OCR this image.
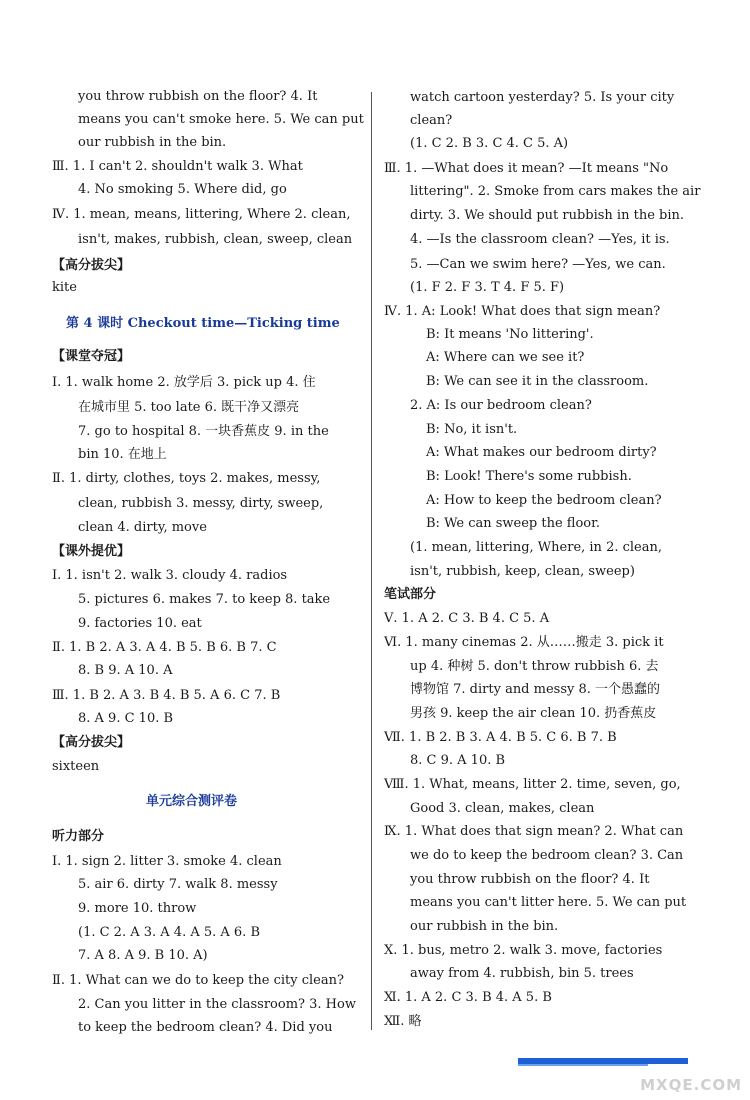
you throw rubbish on the floor? 4. It
means you can't smoke here. 5. We can put
our rubbish in the bin.
Ⅲ. 1. I can't 2. shouldn't walk 3. What
4. No smoking 5. Where did, go
Ⅳ. 1. mean, means, littering, Where 2. clean,
isn't, makes, rubbish, clean, sweep, clean
【高分拔尖】
kite
第 4 课时 Checkout time—Ticking time
【课堂夺冠】
Ⅰ. 1. walk home 2. 放学后 3. pick up 4. 住
在城市里 5. too late 6. 既干净又漂亮
7. go to hospital 8. 一块香蕉皮 9. in the
bin 10. 在地上
Ⅱ. 1. dirty, clothes, toys 2. makes, messy,
clean, rubbish 3. messy, dirty, sweep,
clean 4. dirty, move
【课外提优】
Ⅰ. 1. isn't 2. walk 3. cloudy 4. radios
5. pictures 6. makes 7. to keep 8. take
9. factories 10. eat
Ⅱ. 1. B 2. A 3. A 4. B 5. B 6. B 7. C
8. B 9. A 10. A
Ⅲ. 1. B 2. A 3. B 4. B 5. A 6. C 7. B
8. A 9. C 10. B
【高分拔尖】
sixteen
单元综合测评卷
听力部分
Ⅰ. 1. sign 2. litter 3. smoke 4. clean
5. air 6. dirty 7. walk 8. messy
9. more 10. throw
(1. C 2. A 3. A 4. A 5. A 6. B
7. A 8. A 9. B 10. A)
Ⅱ. 1. What can we do to keep the city clean?
2. Can you litter in the classroom? 3. How
to keep the bedroom clean? 4. Did you
watch cartoon yesterday? 5. Is your city
clean?
(1. C 2. B 3. C 4. C 5. A)
Ⅲ. 1. —What does it mean? —It means "No
littering". 2. Smoke from cars makes the air
dirty. 3. We should put rubbish in the bin.
4. —Is the classroom clean? —Yes, it is.
5. —Can we swim here? —Yes, we can.
(1. F 2. F 3. T 4. F 5. F)
Ⅳ. 1. A: Look! What does that sign mean?
B: It means 'No littering'.
A: Where can we see it?
B: We can see it in the classroom.
2. A: Is our bedroom clean?
B: No, it isn't.
A: What makes our bedroom dirty?
B: Look! There's some rubbish.
A: How to keep the bedroom clean?
B: We can sweep the floor.
(1. mean, littering, Where, in 2. clean,
isn't, rubbish, keep, clean, sweep)
笔试部分
Ⅴ. 1. A 2. C 3. B 4. C 5. A
Ⅵ. 1. many cinemas 2. 从……搬走 3. pick it
up 4. 种树 5. don't throw rubbish 6. 去
博物馆 7. dirty and messy 8. 一个愚蠢的
男孩 9. keep the air clean 10. 扔香蕉皮
Ⅶ. 1. B 2. B 3. A 4. B 5. C 6. B 7. B
8. C 9. A 10. B
Ⅷ. 1. What, means, litter 2. time, seven, go,
Good 3. clean, makes, clean
Ⅸ. 1. What does that sign mean? 2. What can
we do to keep the bedroom clean? 3. Can
you throw rubbish on the floor? 4. It
means you can't litter here. 5. We can put
our rubbish in the bin.
Ⅹ. 1. bus, metro 2. walk 3. move, factories
away from 4. rubbish, bin 5. trees
Ⅺ. 1. A 2. C 3. B 4. A 5. B
Ⅻ. 略
MXQE.COM
